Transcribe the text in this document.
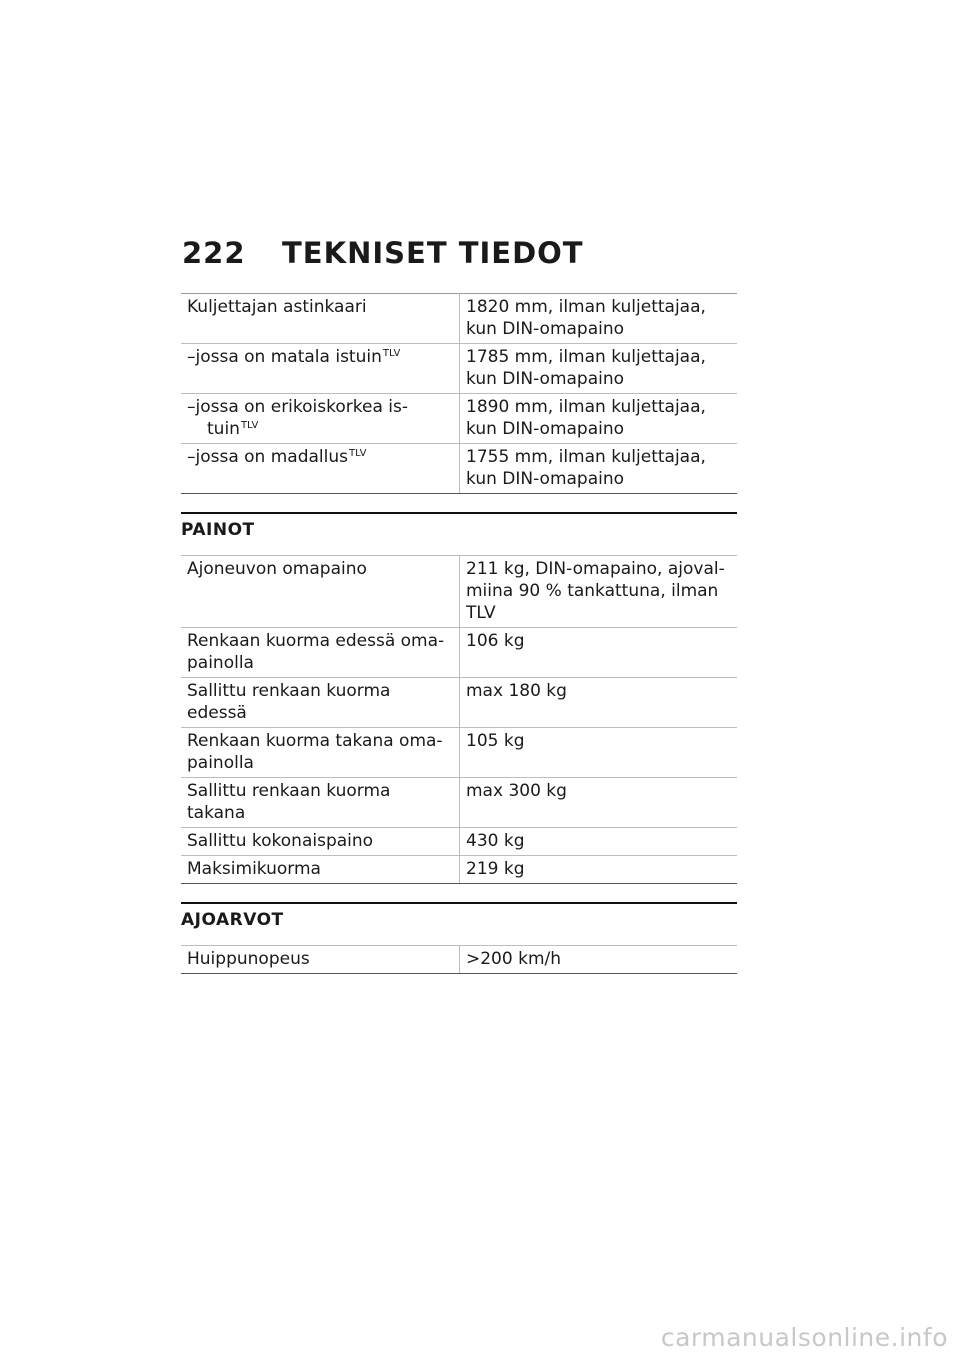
222	TEKNISET TIEDOT
Kuljettajan astinkaari	1820 mm, ilman kuljettajaa, kun DIN-omapaino
–jossa on matala istuin$^{TLV}$	1785 mm, ilman kuljettajaa, kun DIN-omapaino
–jossa on erikoiskorkea is-tuin$^{TLV}$	1890 mm, ilman kuljettajaa, kun DIN-omapaino
–jossa on madallus$^{TLV}$	1755 mm, ilman kuljettajaa, kun DIN-omapaino
PAINOT
Ajoneuvon omapaino	211 kg, DIN-omapaino, ajoval-miina 90 % tankattuna, ilman TLV
Renkaan kuorma edessä oma-painolla	106 kg
Sallittu renkaan kuorma edessä	max 180 kg
Renkaan kuorma takana oma-painolla	105 kg
Sallittu renkaan kuorma takana	max 300 kg
Sallittu kokonaispaino	430 kg
Maksimikuorma	219 kg
AJOARVOT
Huippunopeus	>200 km/h
carmanualsonline.info
